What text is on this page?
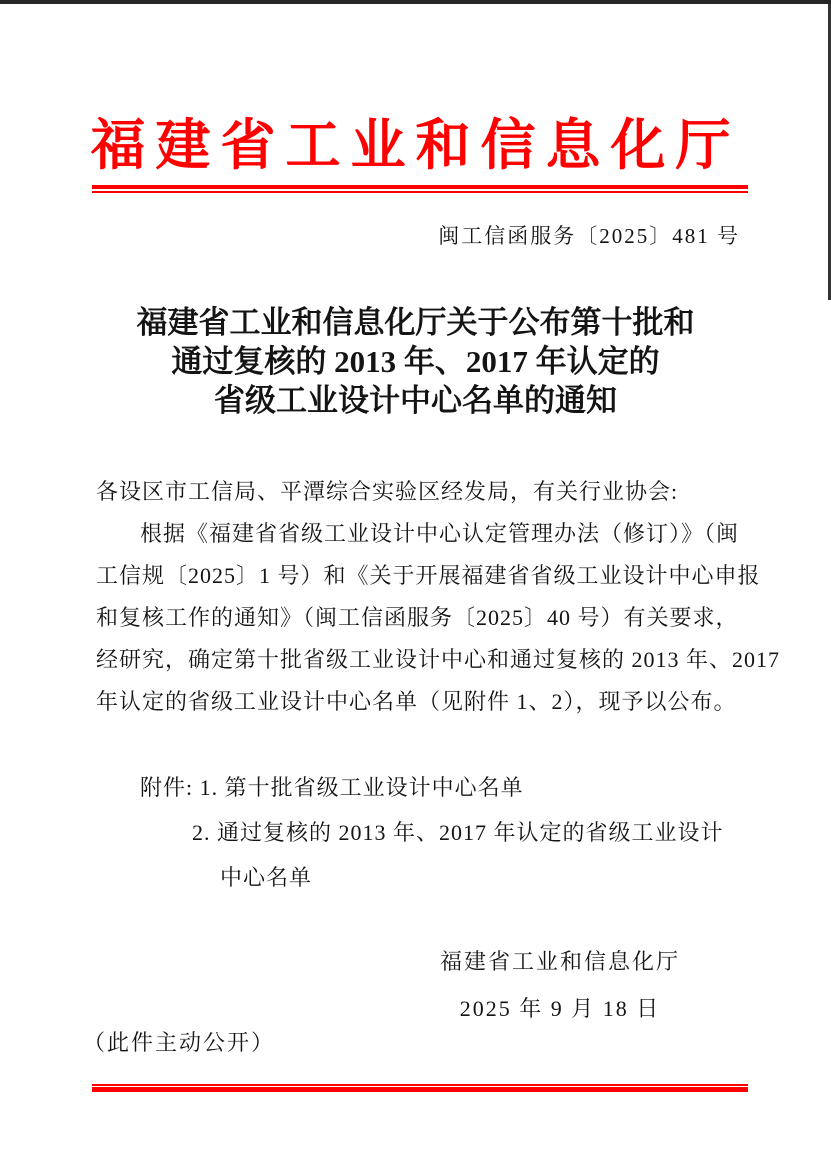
福建省工业和信息化厅
闽工信函服务〔2025〕481 号
福建省工业和信息化厅关于公布第十批和
通过复核的 2013 年、2017 年认定的
省级工业设计中心名单的通知
各设区市工信局、平潭综合实验区经发局，有关行业协会:
根据《福建省省级工业设计中心认定管理办法（修订）》（闽
工信规〔2025〕1 号）和《关于开展福建省省级工业设计中心申报
和复核工作的通知》（闽工信函服务〔2025〕40 号）有关要求，
经研究，确定第十批省级工业设计中心和通过复核的 2013 年、2017
年认定的省级工业设计中心名单（见附件 1、2），现予以公布。
附件: 1. 第十批省级工业设计中心名单
2. 通过复核的 2013 年、2017 年认定的省级工业设计
中心名单
福建省工业和信息化厅
2025 年 9 月 18 日
（此件主动公开）
